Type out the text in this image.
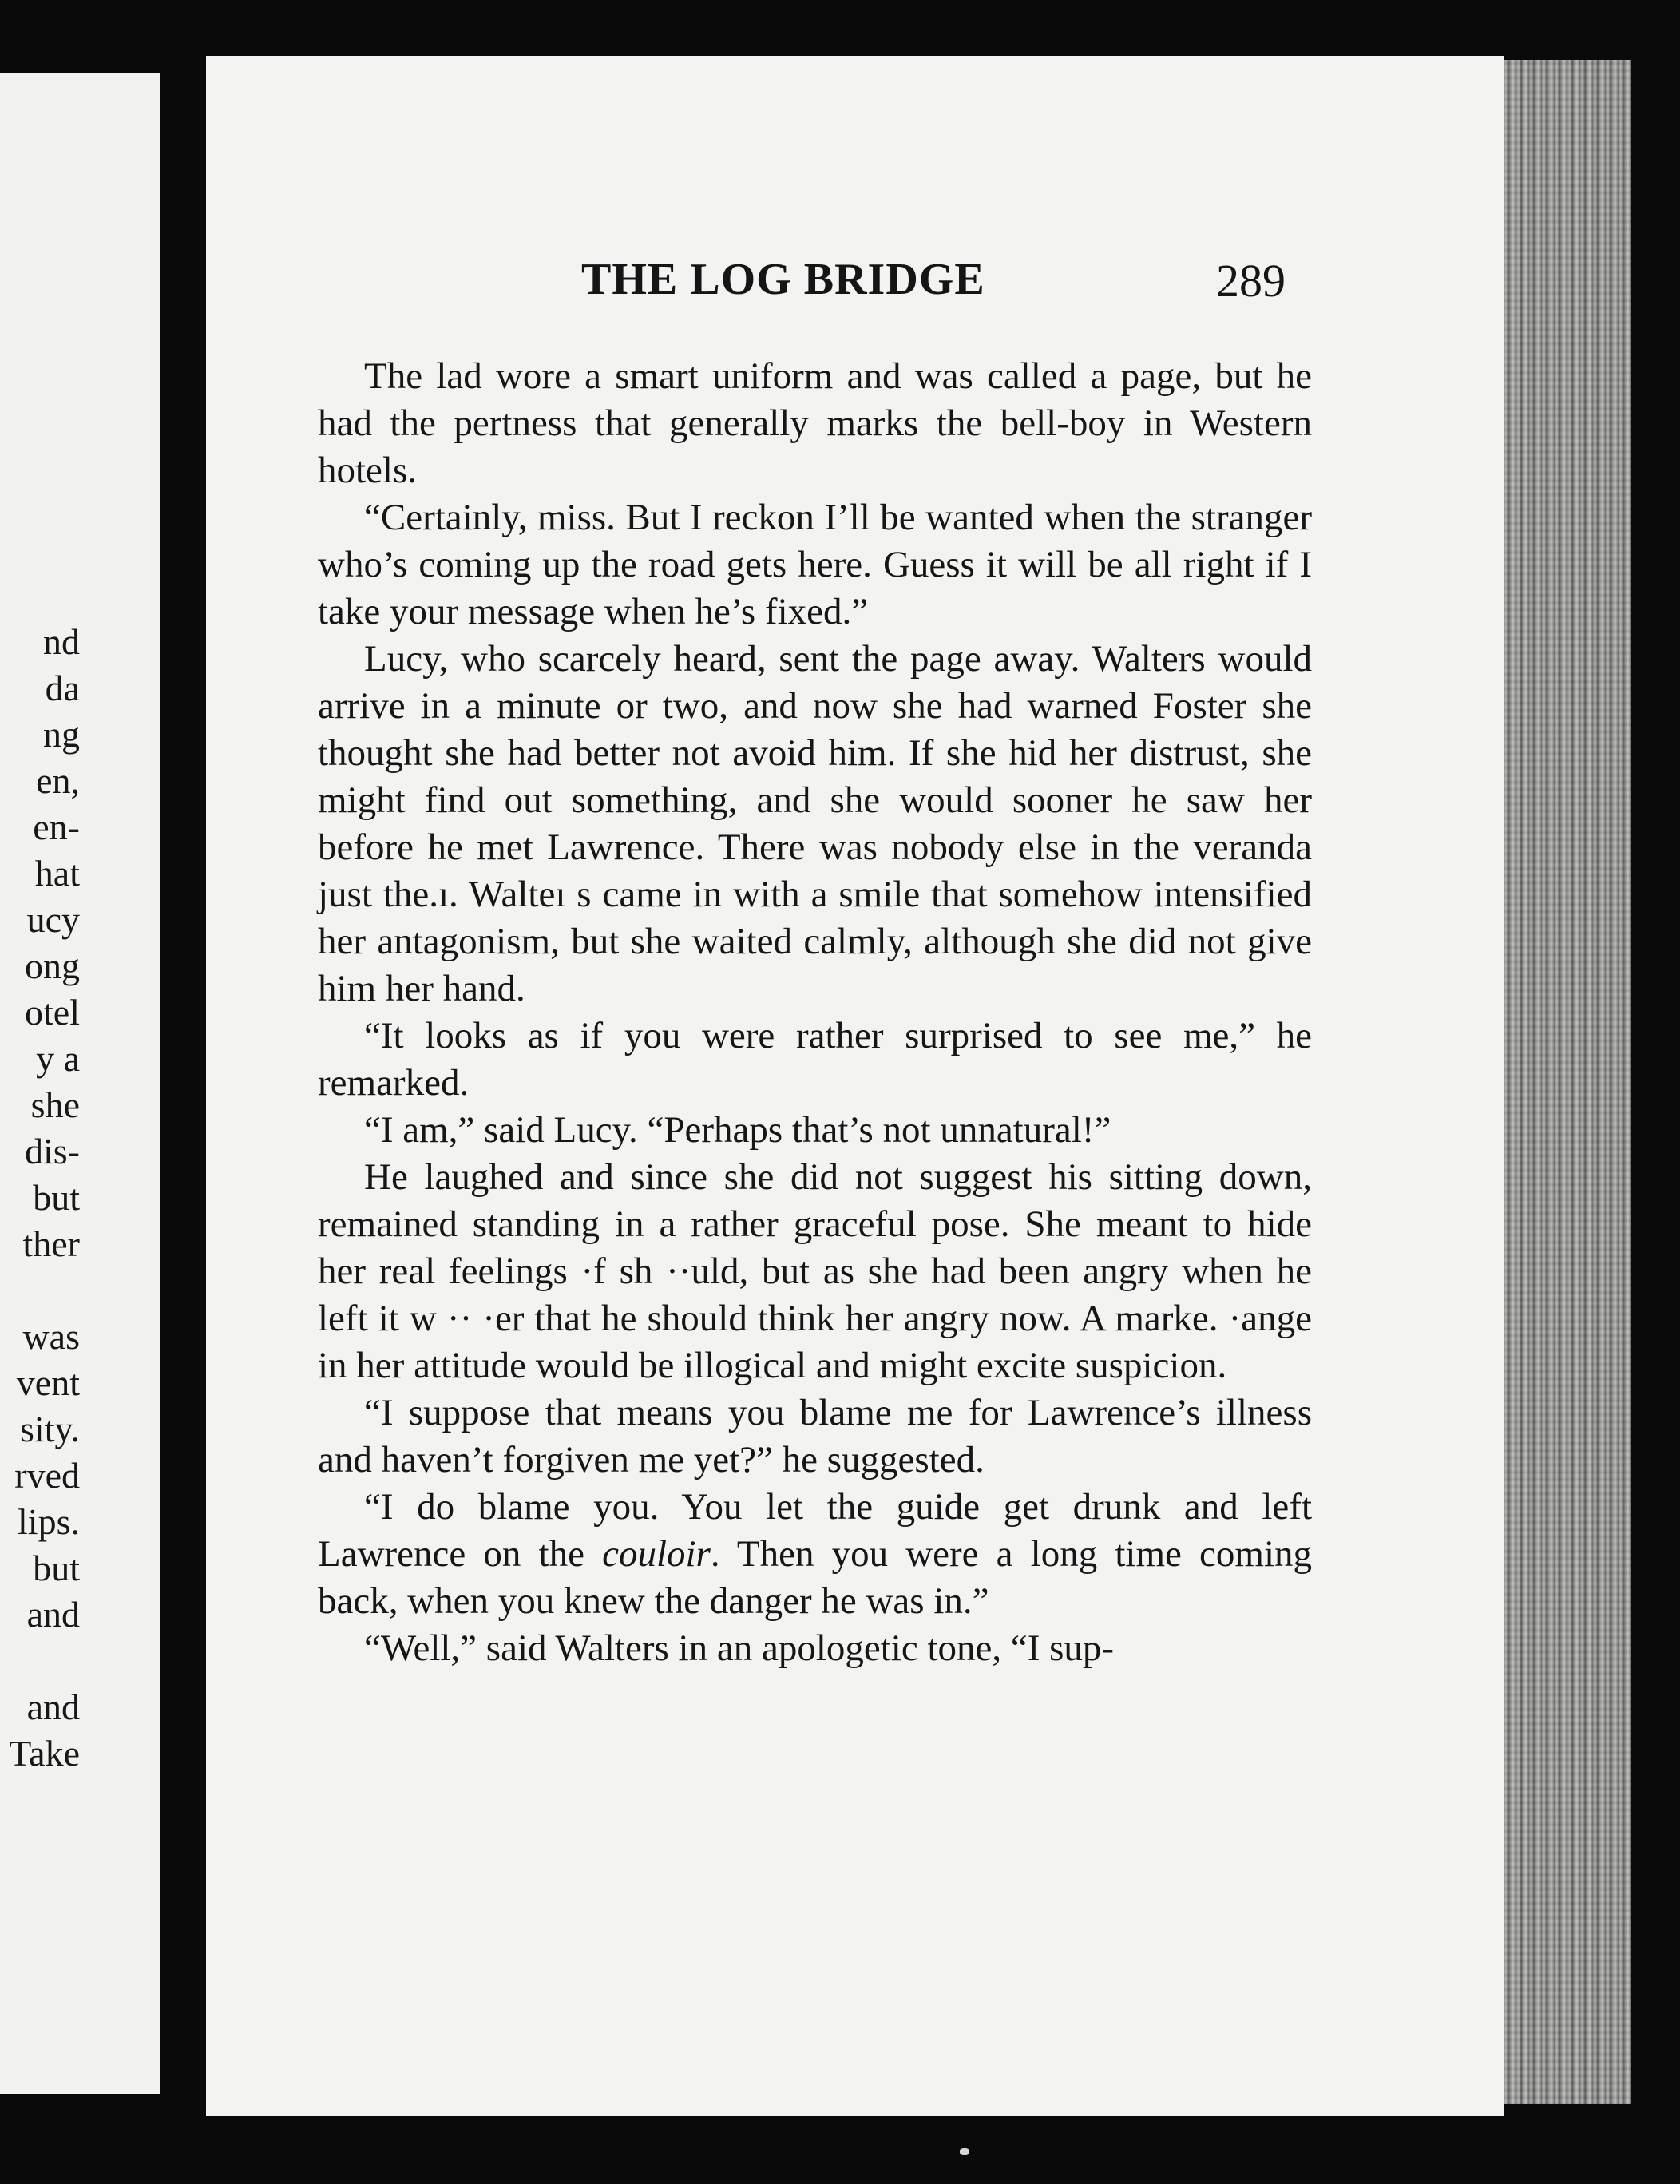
nd
da
ng
en,
en-
hat
ucy
ong
otel
y a
she
dis-
but
ther
was
vent
sity.
rved
lips.
but
and
and
Take
THE LOG BRIDGE	289

The lad wore a smart uniform and was called a page, but he had the pertness that generally marks the bell-boy in Western hotels.

“Certainly, miss. But I reckon I’ll be wanted when the stranger who’s coming up the road gets here. Guess it will be all right if I take your message when he’s fixed.”

Lucy, who scarcely heard, sent the page away. Walters would arrive in a minute or two, and now she had warned Foster she thought she had better not avoid him. If she hid her distrust, she might find out something, and she would sooner he saw her before he met Lawrence. There was nobody else in the veranda just the.ı. Walteı s came in with a smile that somehow intensified her antagonism, but she waited calmly, although she did not give him her hand.

“It looks as if you were rather surprised to see me,” he remarked.

“I am,” said Lucy. “Perhaps that’s not unnatural!”

He laughed and since she did not suggest his sitting down, remained standing in a rather graceful pose. She meant to hide her real feelings ·f sh ··uld, but as she had been angry when he left it w ·· ·er that he should think her angry now. A marke. ·ange in her attitude would be illogical and might excite suspicion.

“I suppose that means you blame me for Lawrence’s illness and haven’t forgiven me yet?” he suggested.

“I do blame you. You let the guide get drunk and left Lawrence on the couloir. Then you were a long time coming back, when you knew the danger he was in.”

“Well,” said Walters in an apologetic tone, “I sup-
